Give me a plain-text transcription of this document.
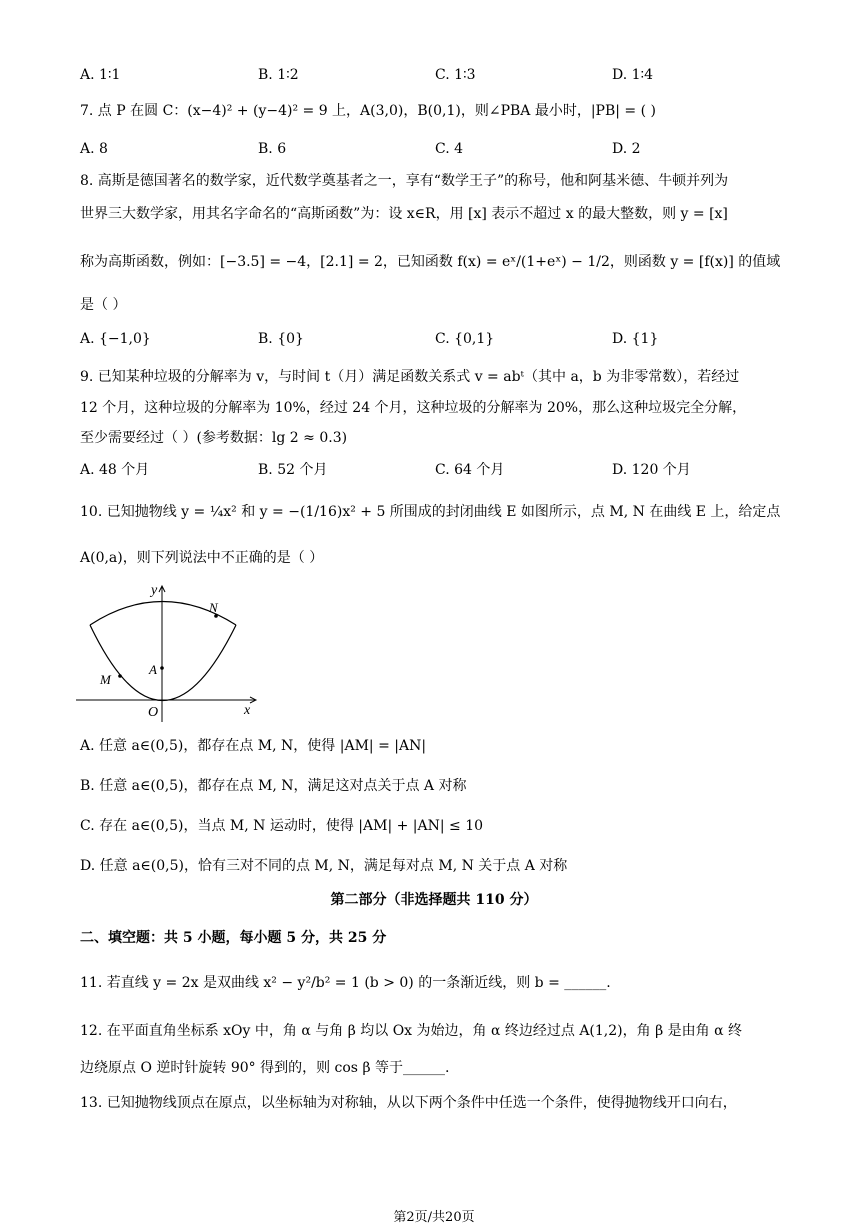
A. 1∶1	B. 1∶2	C. 1∶3	D. 1∶4
7. 点 P 在圆 C：(x−4)² + (y−4)² = 9 上，A(3,0)，B(0,1)，则∠PBA 最小时，|PB| = ( )
A. 8	B. 6	C. 4	D. 2
8. 高斯是德国著名的数学家，近代数学奠基者之一，享有“数学王子”的称号，他和阿基米德、牛顿并列为
世界三大数学家，用其名字命名的“高斯函数”为：设 x∈R，用 [x] 表示不超过 x 的最大整数，则 y = [x]
称为高斯函数，例如：[−3.5] = −4，[2.1] = 2，已知函数 f(x) = eˣ/(1+eˣ) − 1/2，则函数 y = [f(x)] 的值域
是（ ）
A. {−1,0}	B. {0}	C. {0,1}	D. {1}
9. 已知某种垃圾的分解率为 v，与时间 t（月）满足函数关系式 v = abᵗ（其中 a，b 为非零常数），若经过
12 个月，这种垃圾的分解率为 10%，经过 24 个月，这种垃圾的分解率为 20%，那么这种垃圾完全分解，
至少需要经过（ ）(参考数据：lg 2 ≈ 0.3)
A. 48 个月	B. 52 个月	C. 64 个月	D. 120 个月
10. 已知抛物线 y = ¼x² 和 y = −(1/16)x² + 5 所围成的封闭曲线 E 如图所示，点 M, N 在曲线 E 上，给定点
A(0,a)，则下列说法中不正确的是（ ）
y
x
O
N
A
M
A. 任意 a∈(0,5)，都存在点 M, N，使得 |AM| = |AN|
B. 任意 a∈(0,5)，都存在点 M, N，满足这对点关于点 A 对称
C. 存在 a∈(0,5)，当点 M, N 运动时，使得 |AM| + |AN| ≤ 10
D. 任意 a∈(0,5)，恰有三对不同的点 M, N，满足每对点 M, N 关于点 A 对称
第二部分（非选择题共 110 分）
二、填空题：共 5 小题，每小题 5 分，共 25 分
11. 若直线 y = 2x 是双曲线 x² − y²/b² = 1 (b > 0) 的一条渐近线，则 b = ______.
12. 在平面直角坐标系 xOy 中，角 α 与角 β 均以 Ox 为始边，角 α 终边经过点 A(1,2)，角 β 是由角 α 终
边绕原点 O 逆时针旋转 90° 得到的，则 cos β 等于______.
13. 已知抛物线顶点在原点，以坐标轴为对称轴，从以下两个条件中任选一个条件，使得抛物线开口向右，
第2页/共20页
